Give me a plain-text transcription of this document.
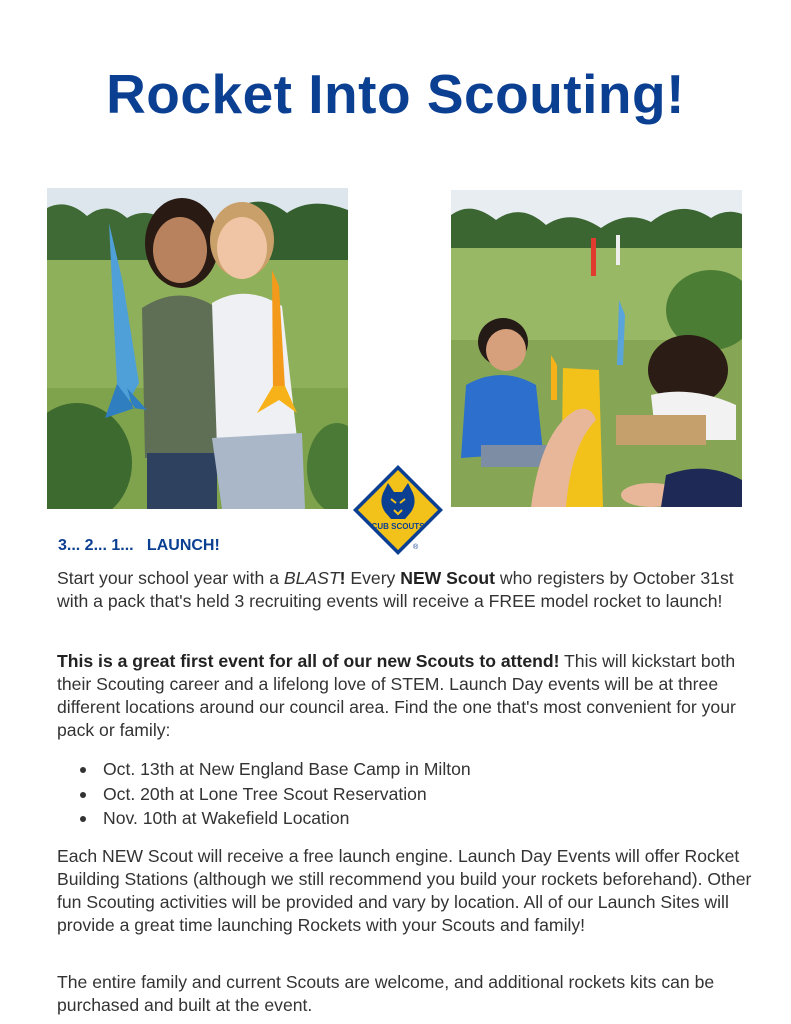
Rocket Into Scouting!
CUB SCOUTS
®
3... 2... 1...   LAUNCH!

Start your school year with a BLAST! Every NEW Scout who registers by October 31st with a pack that's held 3 recruiting events will receive a FREE model rocket to launch!

This is a great first event for all of our new Scouts to attend! This will kickstart both their Scouting career and a lifelong love of STEM. Launch Day events will be at three different locations around our council area. Find the one that's most convenient for your pack or family:

Oct. 13th at New England Base Camp in Milton
Oct. 20th at Lone Tree Scout Reservation
Nov. 10th at Wakefield Location

Each NEW Scout will receive a free launch engine. Launch Day Events will offer Rocket Building Stations (although we still recommend you build your rockets beforehand). Other fun Scouting activities will be provided and vary by location. All of our Launch Sites will provide a great time launching Rockets with your Scouts and family!

The entire family and current Scouts are welcome, and additional rockets kits can be purchased and built at the event.
